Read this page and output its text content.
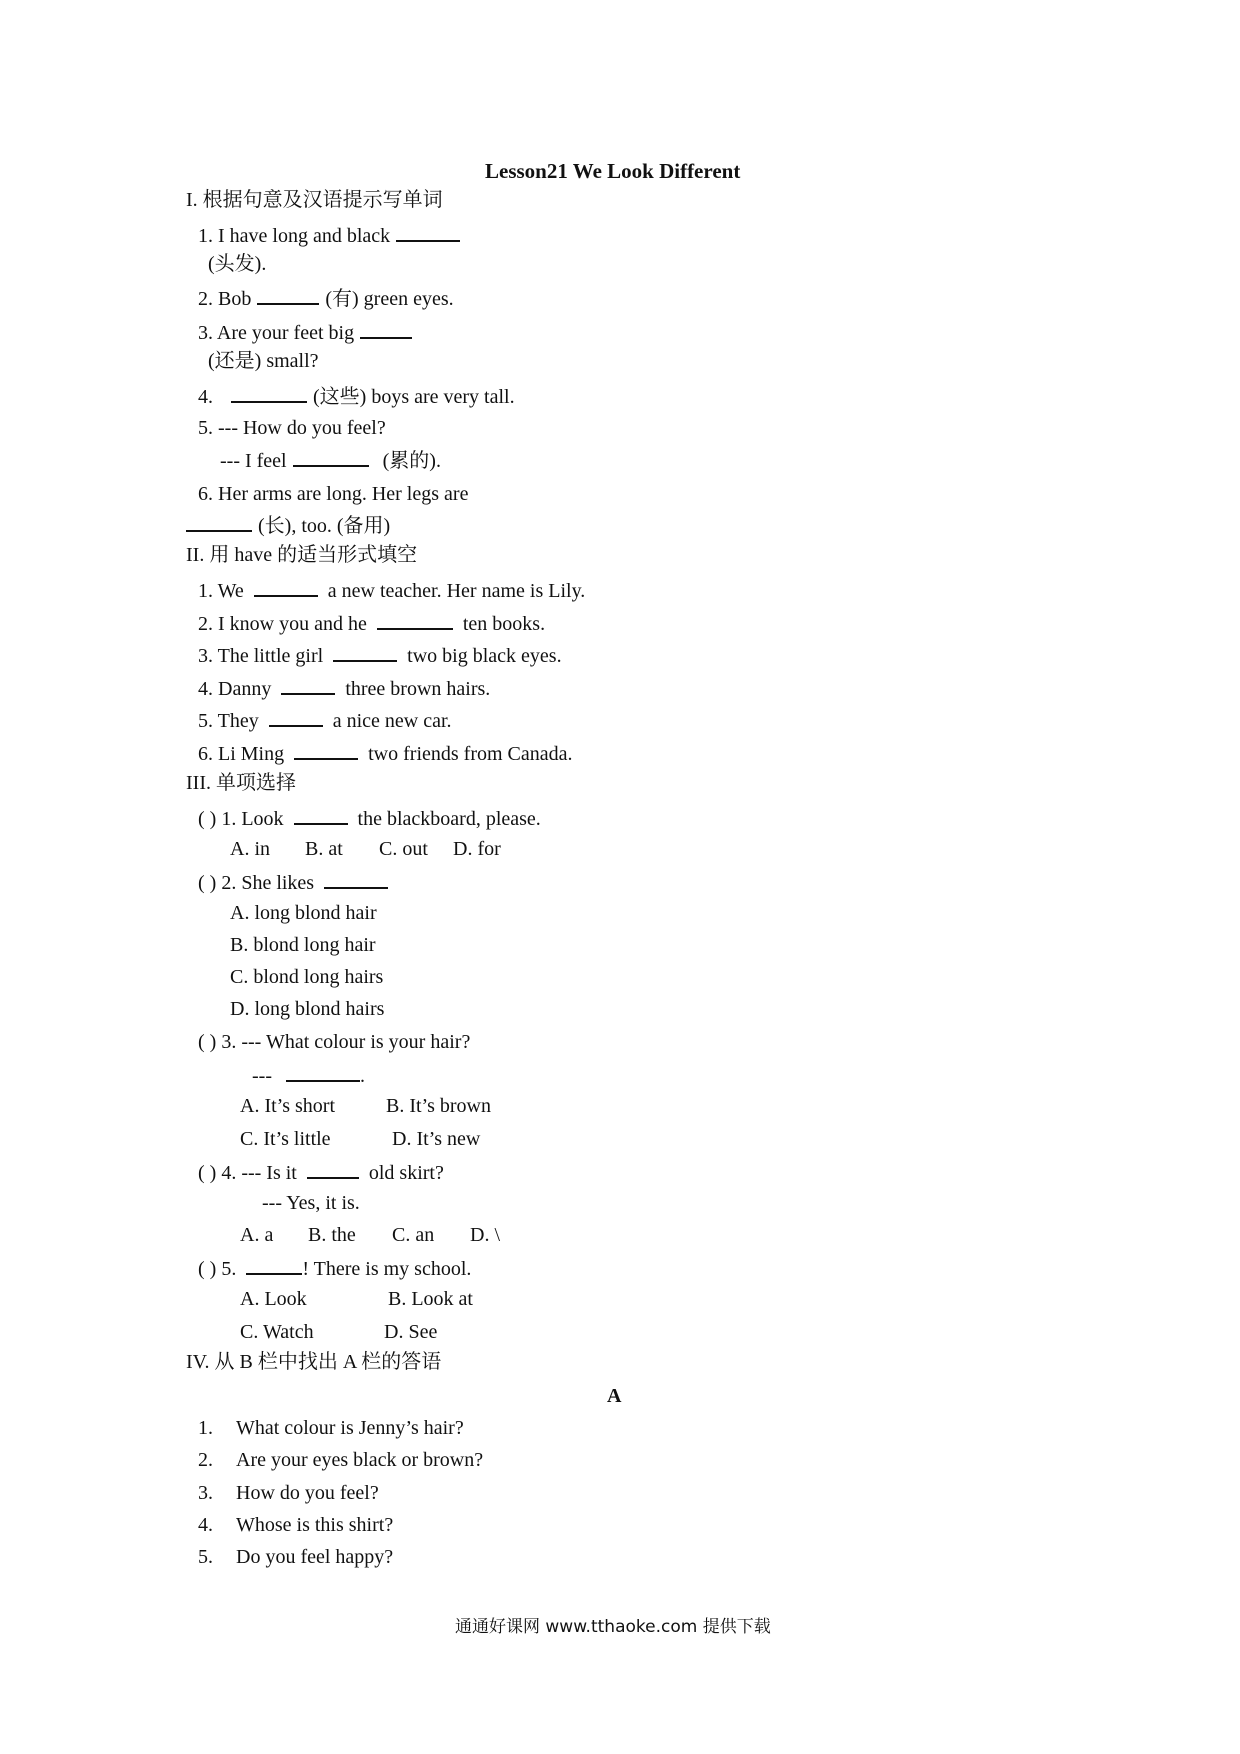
Lesson21 We Look Different
I. 根据句意及汉语提示写单词
1. I have long and black
(头发).
2. Bob	(有) green eyes.
3. Are your feet big
(还是) small?
4.	(这些) boys are very tall.
5. --- How do you feel?
--- I feel	(累的).
6. Her arms are long. Her legs are
(长), too. (备用)
II. 用 have 的适当形式填空
1. We	a new teacher. Her name is Lily.
2. I know you and he	ten books.
3. The little girl	two big black eyes.
4. Danny	three brown hairs.
5. They	a nice new car.
6. Li Ming	two friends from Canada.
III. 单项选择
( ) 1. Look	the blackboard, please.
A. in B. at C. out D. for
( ) 2. She likes
A. long blond hair
B. blond long hair
C. blond long hairs
D. long blond hairs
( ) 3. --- What colour is your hair?
---	.
A. It’s short	B. It’s brown
C. It’s little	D. It’s new
( ) 4. --- Is it	old skirt?
--- Yes, it is.
A. a B. the C. an D. \
( ) 5.	! There is my school.
A. Look	B. Look at
C. Watch	D. See
IV. 从 B 栏中找出 A 栏的答语
A
1. What colour is Jenny’s hair?
2. Are your eyes black or brown?
3. How do you feel?
4. Whose is this shirt?
5. Do you feel happy?
通通好课网 www.tthaoke.com 提供下载
